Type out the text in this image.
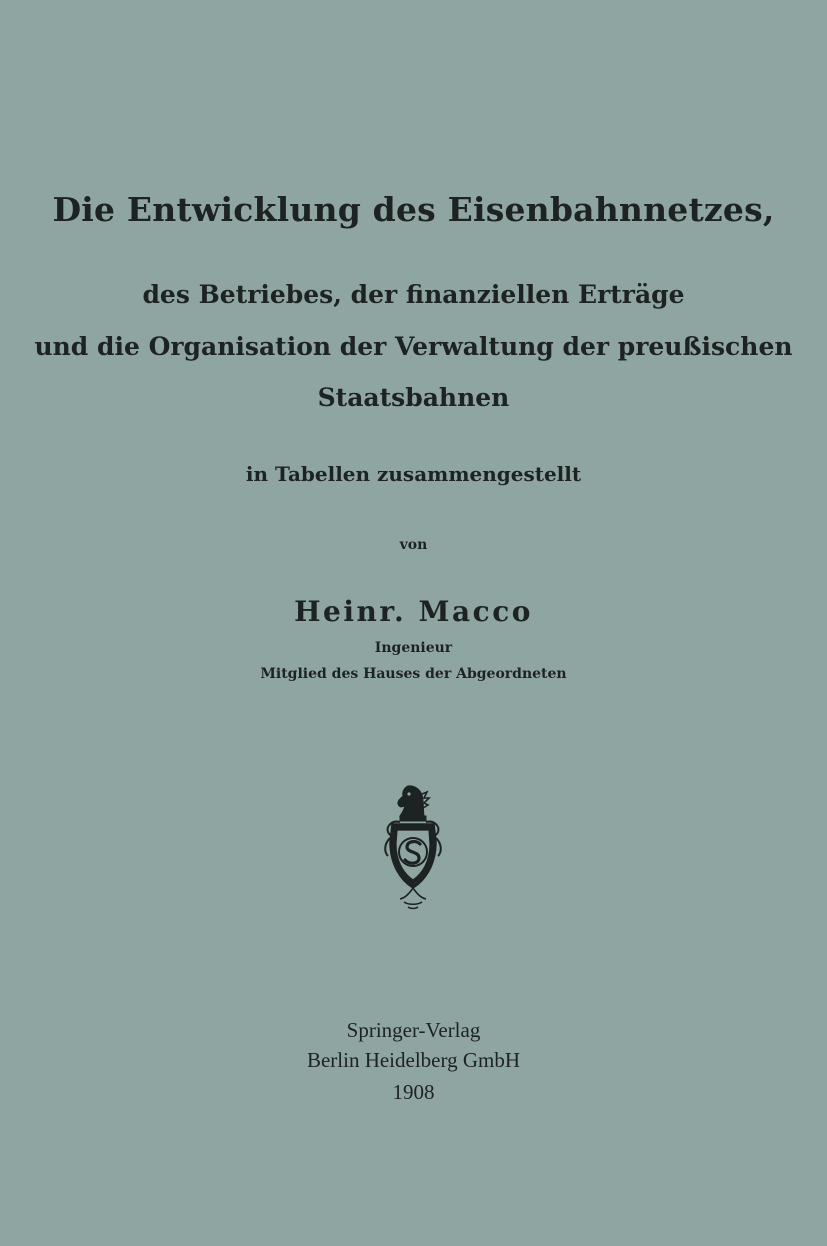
Die Entwicklung des Eisenbahnnetzes,
des Betriebes, der finanziellen Erträge
und die Organisation der Verwaltung der preußischen
Staatsbahnen
in Tabellen zusammengestellt
von
Heinr. Macco
Ingenieur
Mitglied des Hauses der Abgeordneten
Springer-Verlag
Berlin Heidelberg GmbH
1908
